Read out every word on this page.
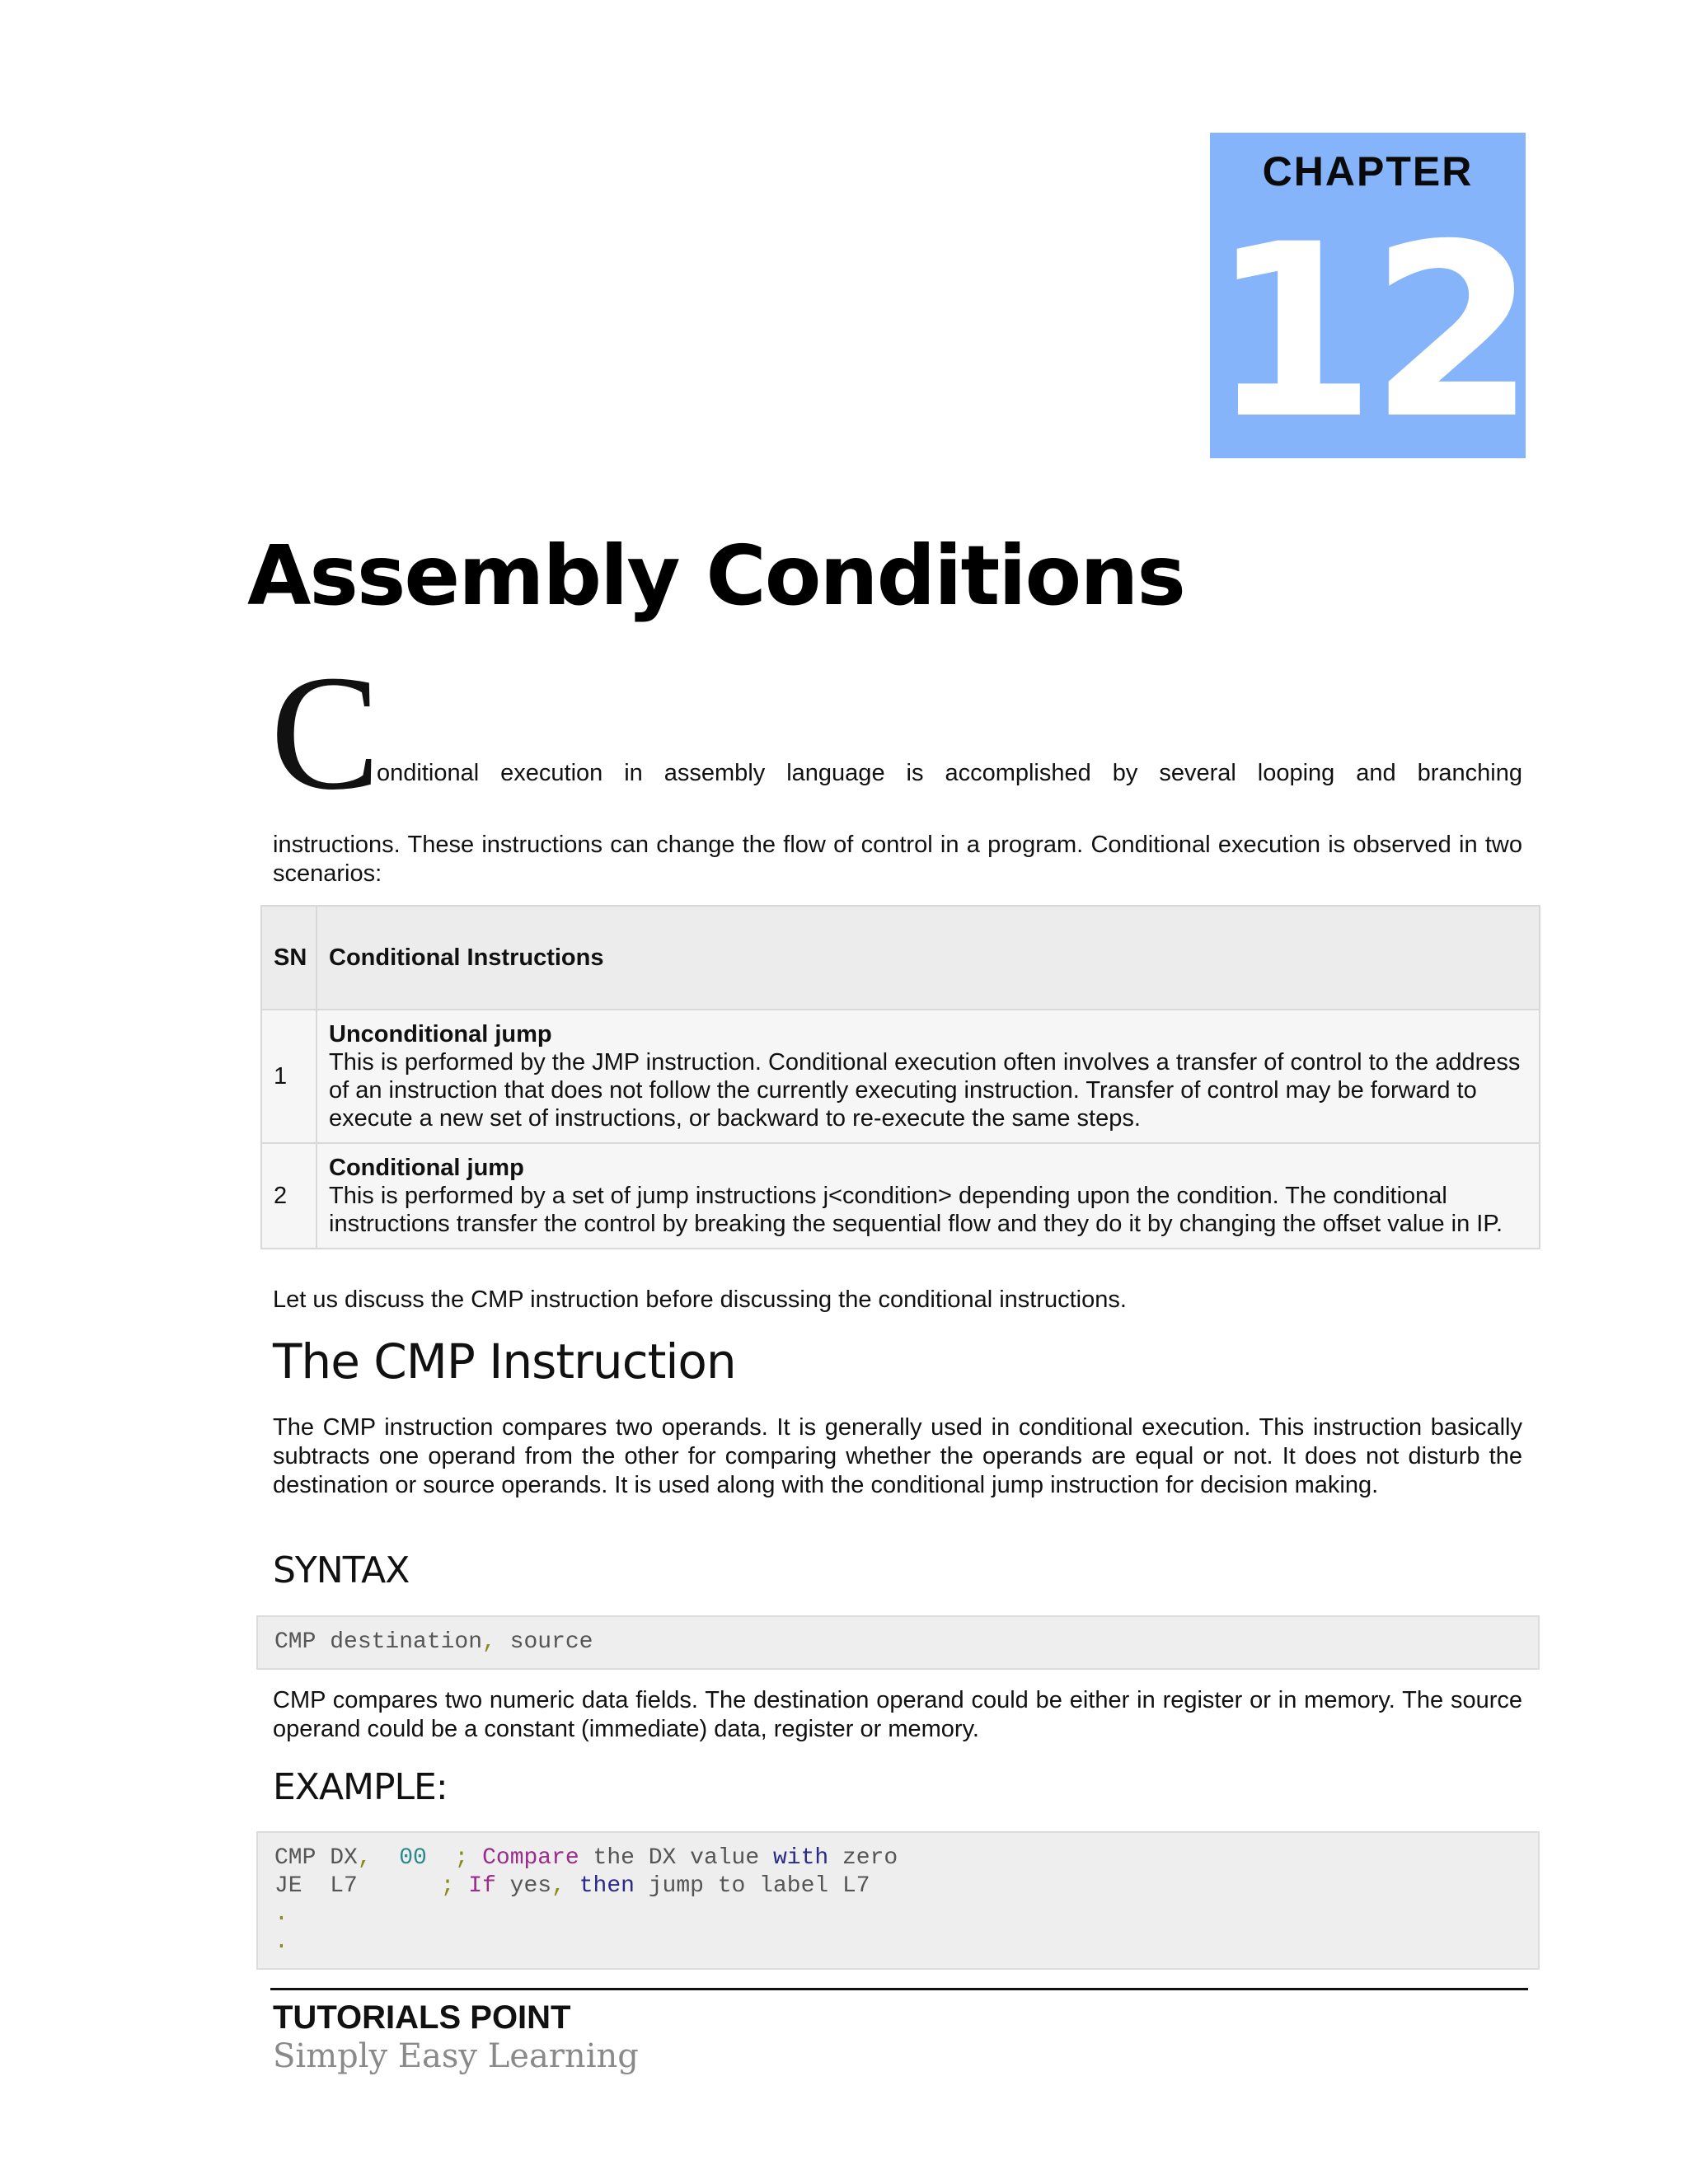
CHAPTER
12
Assembly Conditions
C
onditional execution in assembly language is accomplished by several looping and branching
instructions. These instructions can change the flow of control in a program. Conditional execution is observed in two scenarios:
SN	Conditional Instructions
1	Unconditional jump
This is performed by the JMP instruction. Conditional execution often involves a transfer of control to the address of an instruction that does not follow the currently executing instruction. Transfer of control may be forward to execute a new set of instructions, or backward to re-execute the same steps.
2	Conditional jump
This is performed by a set of jump instructions j<condition> depending upon the condition. The conditional instructions transfer the control by breaking the sequential flow and they do it by changing the offset value in IP.
Let us discuss the CMP instruction before discussing the conditional instructions.
The CMP Instruction
The CMP instruction compares two operands. It is generally used in conditional execution. This instruction basically subtracts one operand from the other for comparing whether the operands are equal or not. It does not disturb the destination or source operands. It is used along with the conditional jump instruction for decision making.
SYNTAX
CMP destination, source
CMP compares two numeric data fields. The destination operand could be either in register or in memory. The source operand could be a constant (immediate) data, register or memory.
EXAMPLE:
CMP DX, 00 ; Compare the DX value with zero
JE  L7      ; If yes, then jump to label L7
.
.
TUTORIALS POINT
Simply Easy Learning
